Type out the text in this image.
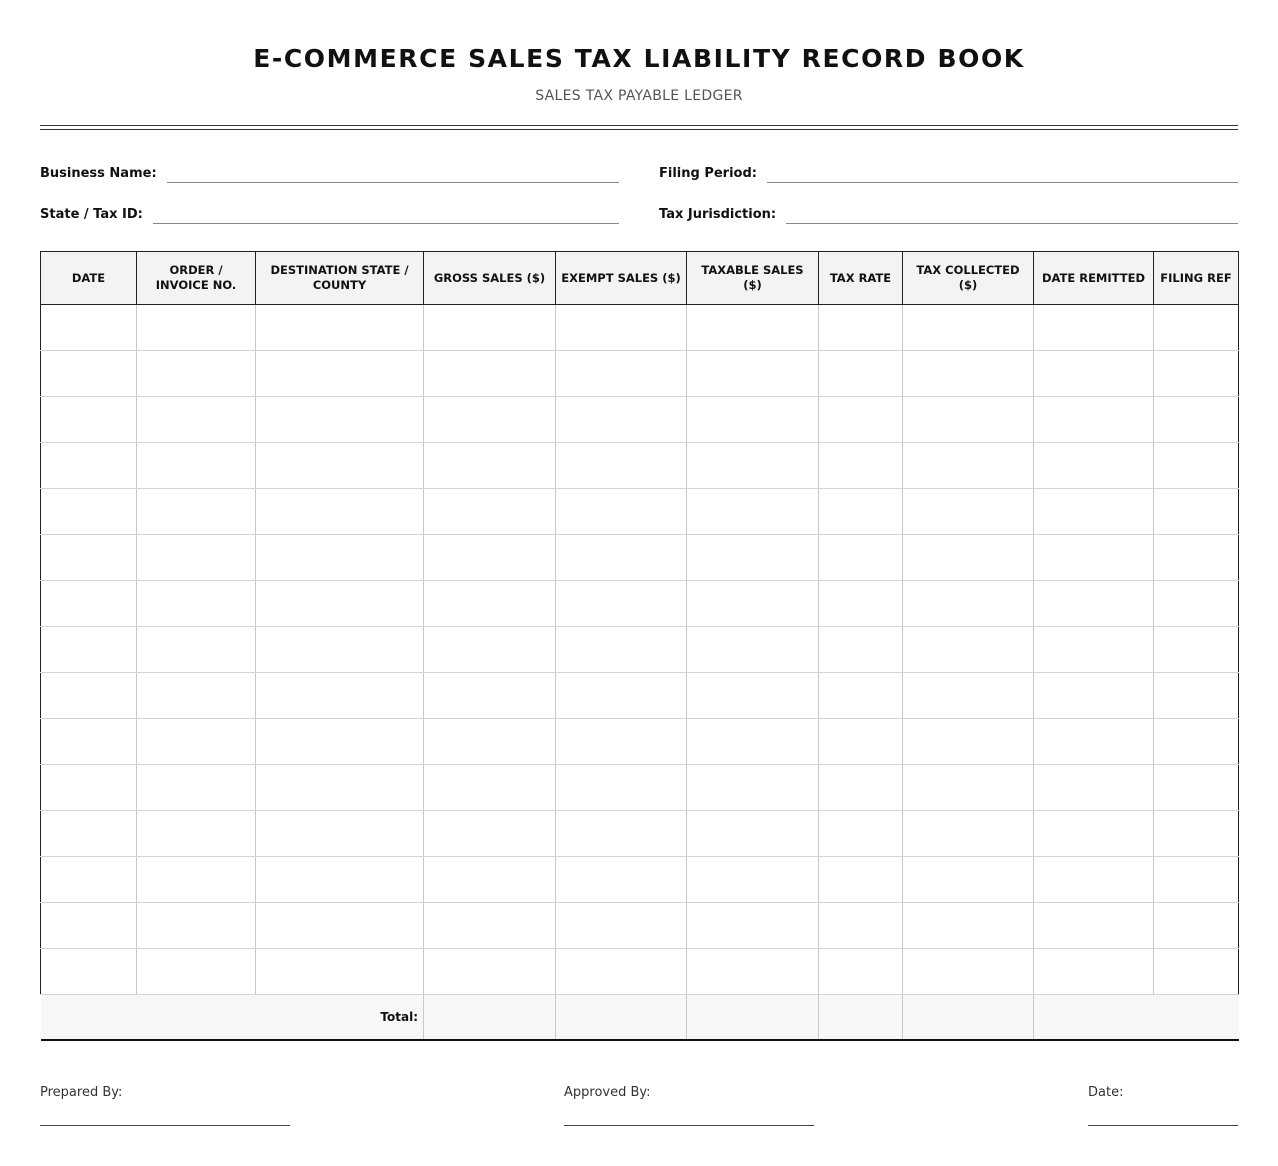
E-COMMERCE SALES TAX LIABILITY RECORD BOOK
SALES TAX PAYABLE LEDGER
Business Name:	Filing Period:
State / Tax ID:	Tax Jurisdiction:
DATE	ORDER / INVOICE NO.	DESTINATION STATE / COUNTY	GROSS SALES ($)	EXEMPT SALES ($)	TAXABLE SALES ($)	TAX RATE	TAX COLLECTED ($)	DATE REMITTED	FILING REF

Total:									
Prepared By:	Approved By:	Date:
